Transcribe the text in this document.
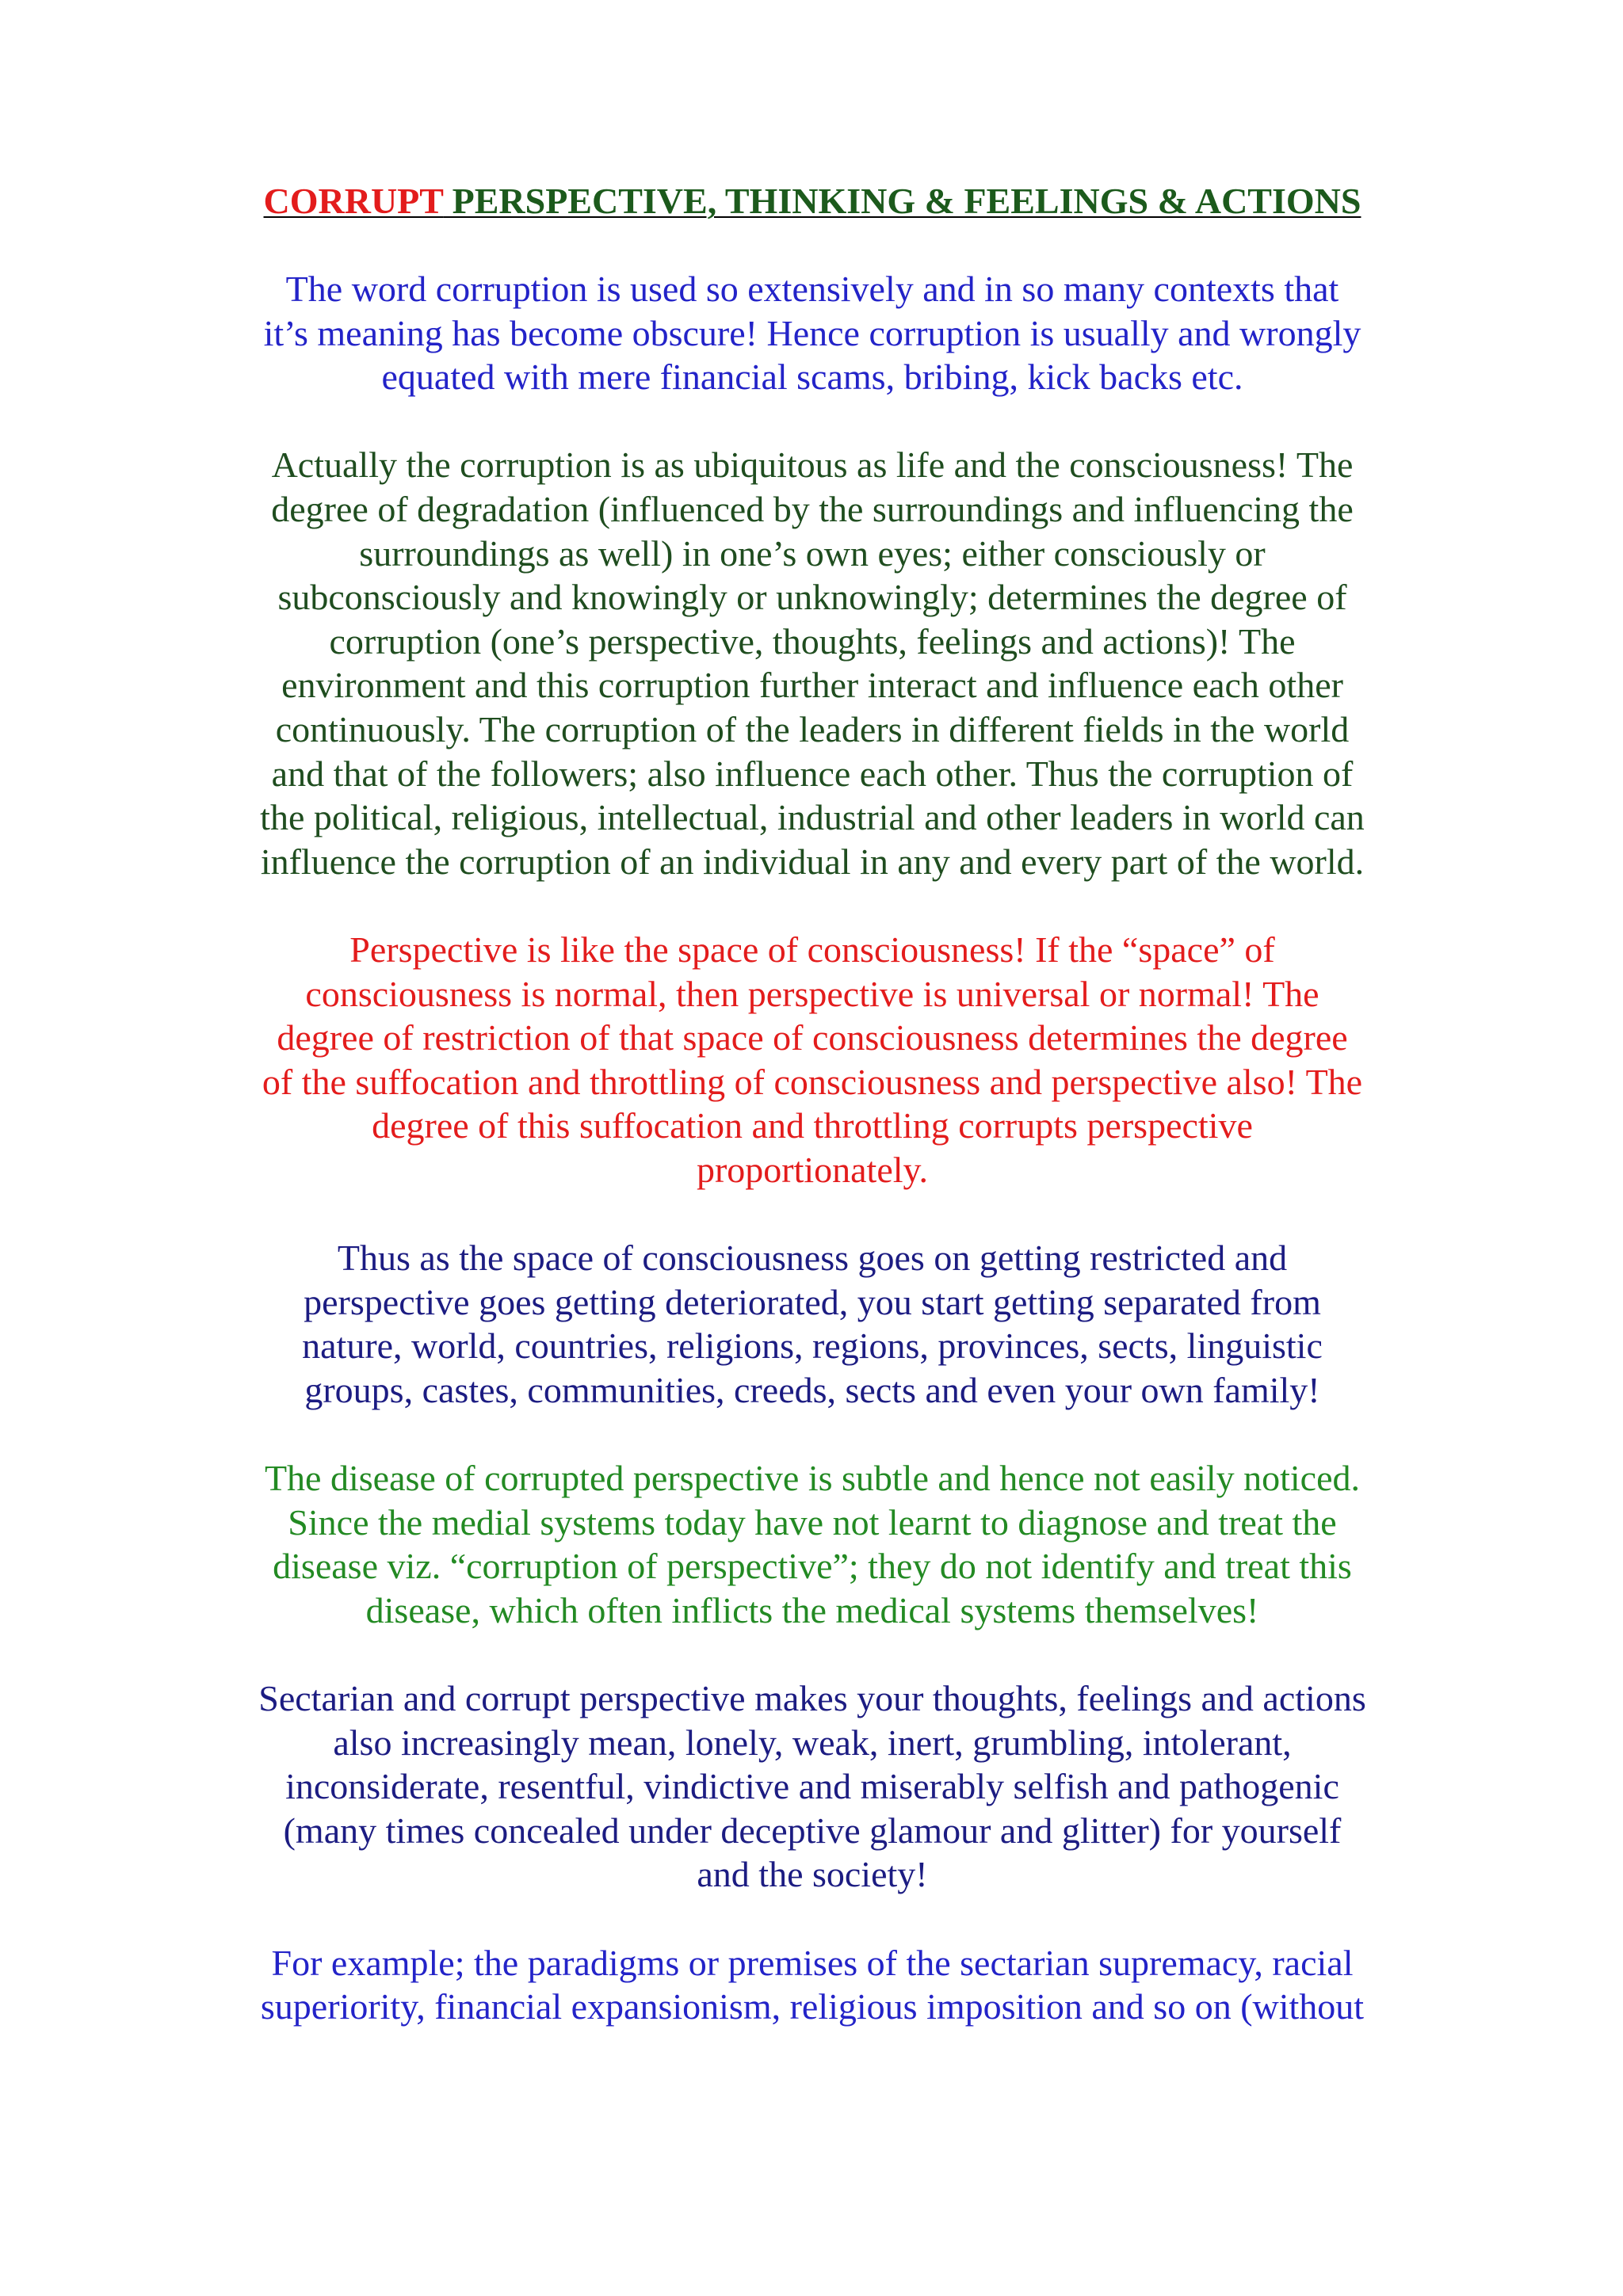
CORRUPT PERSPECTIVE, THINKING & FEELINGS & ACTIONS
The word corruption is used so extensively and in so many contexts that
it’s meaning has become obscure! Hence corruption is usually and wrongly
equated with mere financial scams, bribing, kick backs etc.
Actually the corruption is as ubiquitous as life and the consciousness! The
degree of degradation (influenced by the surroundings and influencing the
surroundings as well) in one’s own eyes; either consciously or
subconsciously and knowingly or unknowingly; determines the degree of
corruption (one’s perspective, thoughts, feelings and actions)! The
environment and this corruption further interact and influence each other
continuously. The corruption of the leaders in different fields in the world
and that of the followers; also influence each other. Thus the corruption of
the political, religious, intellectual, industrial and other leaders in world can
influence the corruption of an individual in any and every part of the world.
Perspective is like the space of consciousness! If the “space” of
consciousness is normal, then perspective is universal or normal! The
degree of restriction of that space of consciousness determines the degree
of the suffocation and throttling of consciousness and perspective also! The
degree of this suffocation and throttling corrupts perspective
proportionately.
Thus as the space of consciousness goes on getting restricted and
perspective goes getting deteriorated, you start getting separated from
nature, world, countries, religions, regions, provinces, sects, linguistic
groups, castes, communities, creeds, sects and even your own family!
The disease of corrupted perspective is subtle and hence not easily noticed.
Since the medial systems today have not learnt to diagnose and treat the
disease viz. “corruption of perspective”; they do not identify and treat this
disease, which often inflicts the medical systems themselves!
Sectarian and corrupt perspective makes your thoughts, feelings and actions
also increasingly mean, lonely, weak, inert, grumbling, intolerant,
inconsiderate, resentful, vindictive and miserably selfish and pathogenic
(many times concealed under deceptive glamour and glitter) for yourself
and the society!
For example; the paradigms or premises of the sectarian supremacy, racial
superiority, financial expansionism, religious imposition and so on (without
